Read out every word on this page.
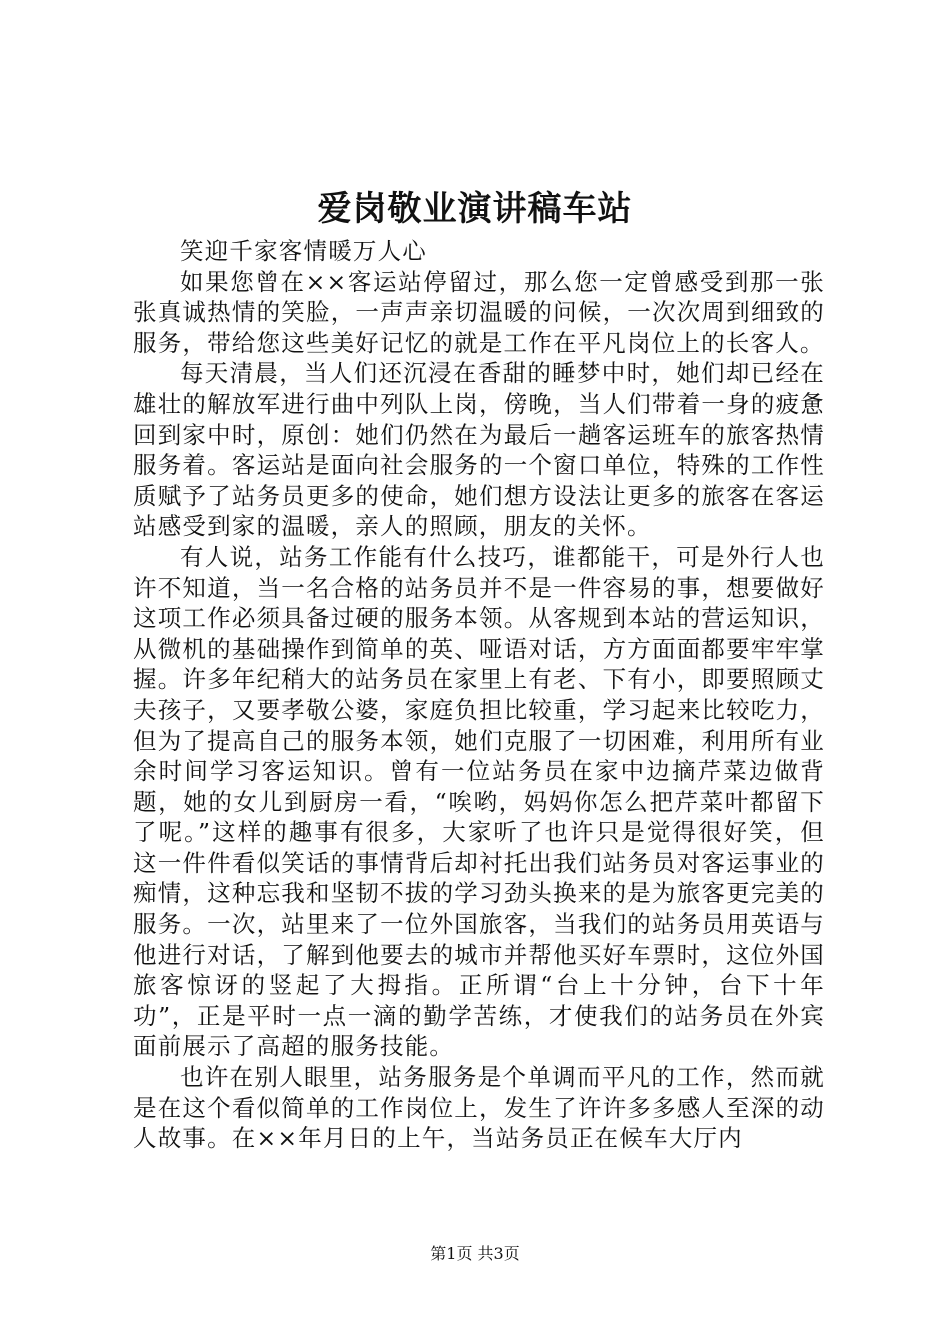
爱岗敬业演讲稿车站

笑迎千家客情暖万人心

如果您曾在××客运站停留过，那么您一定曾感受到那一张张真诚热情的笑脸，一声声亲切温暖的问候，一次次周到细致的服务，带给您这些美好记忆的就是工作在平凡岗位上的长客人。

每天清晨，当人们还沉浸在香甜的睡梦中时，她们却已经在雄壮的解放军进行曲中列队上岗，傍晚，当人们带着一身的疲惫回到家中时，原创：她们仍然在为最后一趟客运班车的旅客热情服务着。客运站是面向社会服务的一个窗口单位，特殊的工作性质赋予了站务员更多的使命，她们想方设法让更多的旅客在客运站感受到家的温暖，亲人的照顾，朋友的关怀。

有人说，站务工作能有什么技巧，谁都能干，可是外行人也许不知道，当一名合格的站务员并不是一件容易的事，想要做好这项工作必须具备过硬的服务本领。从客规到本站的营运知识，从微机的基础操作到简单的英、哑语对话，方方面面都要牢牢掌握。许多年纪稍大的站务员在家里上有老、下有小，即要照顾丈夫孩子，又要孝敬公婆，家庭负担比较重，学习起来比较吃力，但为了提高自己的服务本领，她们克服了一切困难，利用所有业余时间学习客运知识。曾有一位站务员在家中边摘芹菜边做背题，她的女儿到厨房一看，“唉哟，妈妈你怎么把芹菜叶都留下了呢。”这样的趣事有很多，大家听了也许只是觉得很好笑，但这一件件看似笑话的事情背后却衬托出我们站务员对客运事业的痴情，这种忘我和坚韧不拔的学习劲头换来的是为旅客更完美的服务。一次，站里来了一位外国旅客，当我们的站务员用英语与他进行对话，了解到他要去的城市并帮他买好车票时，这位外国旅客惊讶的竖起了大拇指。正所谓“台上十分钟，台下十年功”，正是平时一点一滴的勤学苦练，才使我们的站务员在外宾面前展示了高超的服务技能。

也许在别人眼里，站务服务是个单调而平凡的工作，然而就是在这个看似简单的工作岗位上，发生了许许多多感人至深的动人故事。在××年月日的上午，当站务员正在候车大厅内

第1页 共3页
